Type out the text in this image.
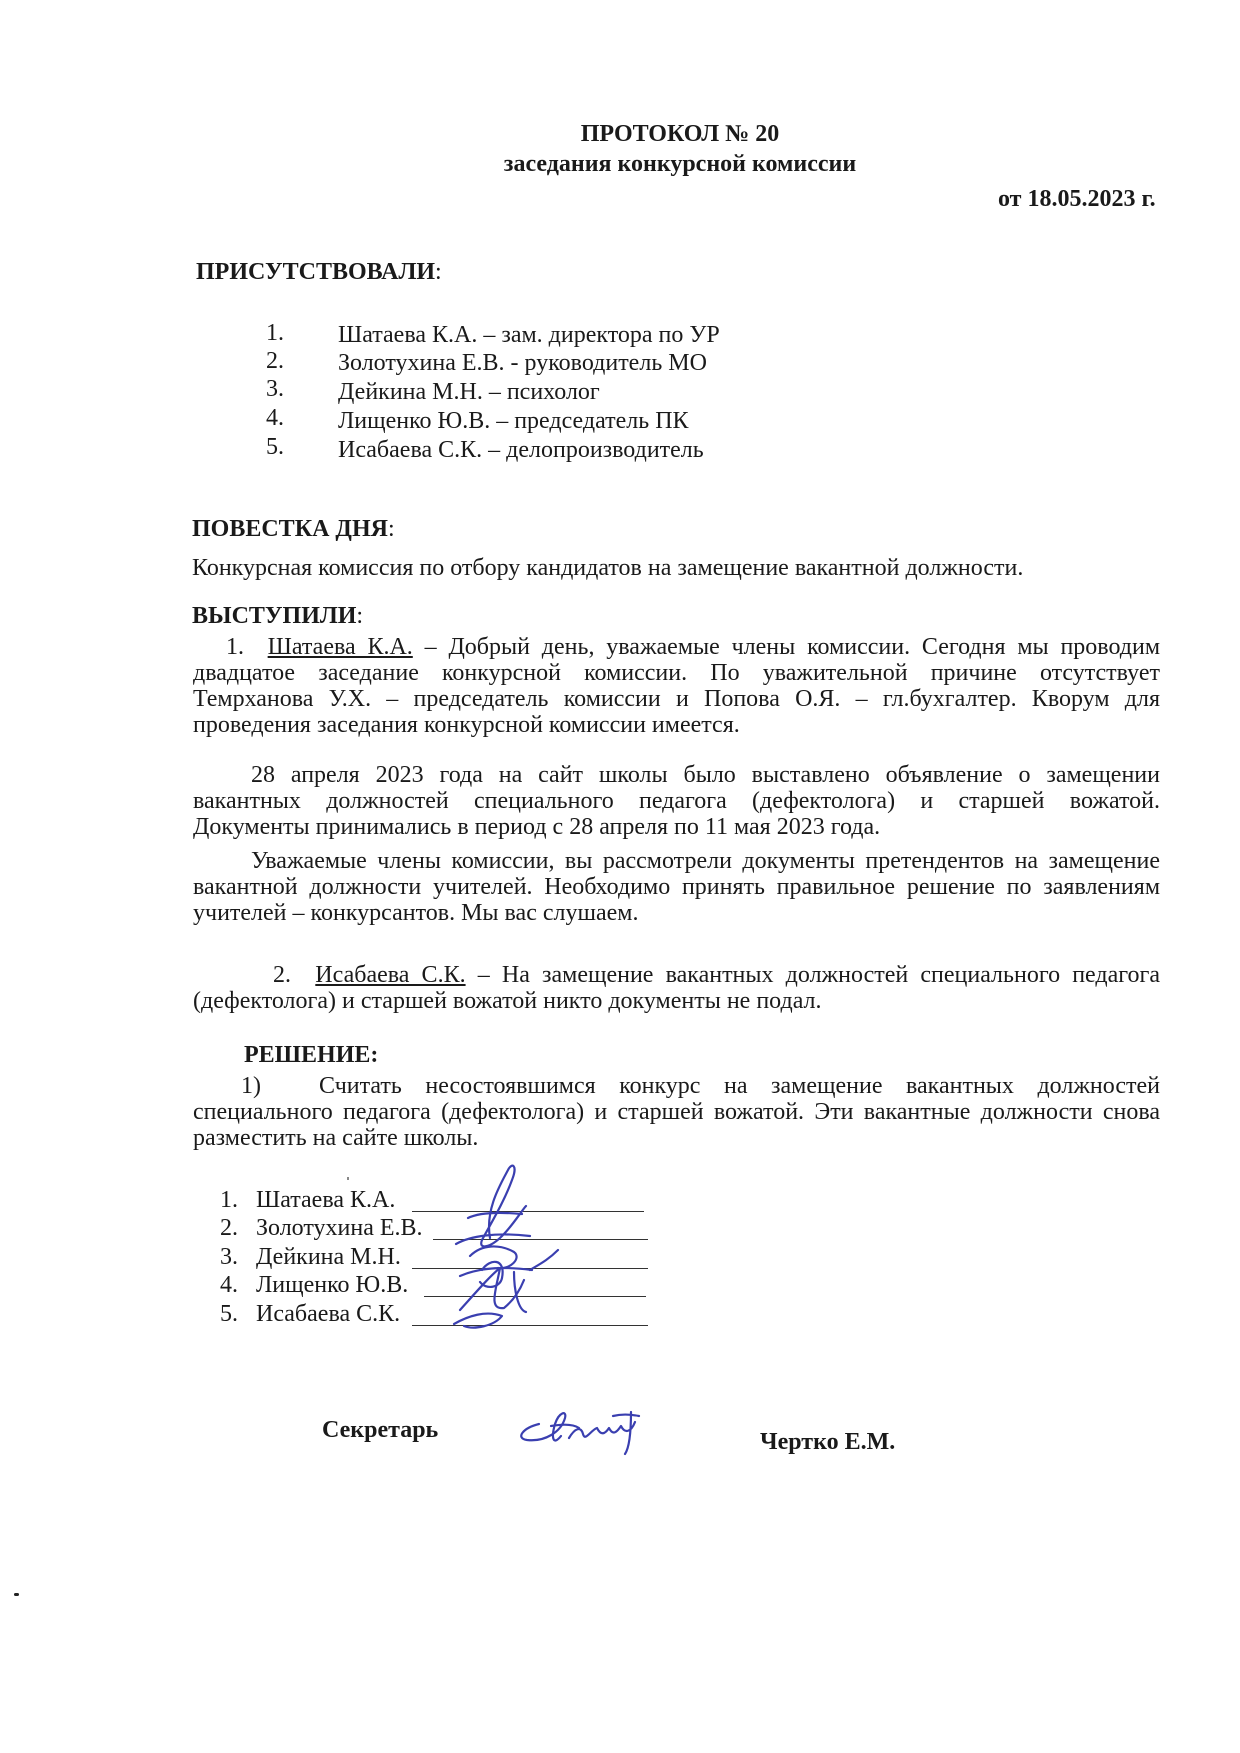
ПРОТОКОЛ № 20
заседания конкурсной комиссии
от 18.05.2023 г.
ПРИСУТСТВОВАЛИ:
1. Шатаева К.А. – зам. директора по УР
2. Золотухина Е.В. - руководитель МО
3. Дейкина М.Н. – психолог
4. Лищенко Ю.В. – председатель ПК
5. Исабаева С.К. – делопроизводитель
ПОВЕСТКА ДНЯ:
Конкурсная комиссия по отбору кандидатов на замещение вакантной должности.
ВЫСТУПИЛИ:
1. Шатаева К.А. – Добрый день, уважаемые члены комиссии. Сегодня мы проводим
двадцатое заседание конкурсной комиссии. По уважительной причине отсутствует
Темрханова У.Х. – председатель комиссии и Попова О.Я. – гл.бухгалтер. Кворум для
проведения заседания конкурсной комиссии имеется.
28 апреля 2023 года на сайт школы было выставлено объявление о замещении
вакантных должностей специального педагога (дефектолога) и старшей вожатой.
Документы принимались в период с 28 апреля по 11 мая 2023 года.
Уважаемые члены комиссии, вы рассмотрели документы претендентов на замещение
вакантной должности учителей. Необходимо принять правильное решение по заявлениям
учителей – конкурсантов. Мы вас слушаем.
2. Исабаева С.К. – На замещение вакантных должностей специального педагога
(дефектолога) и старшей вожатой никто документы не подал.
РЕШЕНИЕ:
1) Считать несостоявшимся конкурс на замещение вакантных должностей
специального педагога (дефектолога) и старшей вожатой. Эти вакантные должности снова
разместить на сайте школы.
1. Шатаева К.А.
2. Золотухина Е.В.
3. Дейкина М.Н.
4. Лищенко Ю.В.
5. Исабаева С.К.
Секретарь	Чертко Е.М.
